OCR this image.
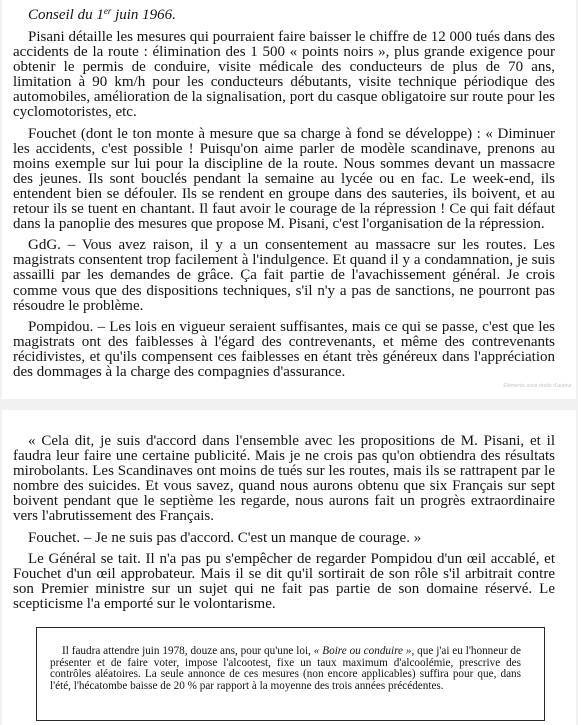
Conseil du 1er juin 1966.

Pisani détaille les mesures qui pourraient faire baisser le chiffre de 12 000 tués dans des accidents de la route : élimination des 1 500 « points noirs », plus grande exigence pour obtenir le permis de conduire, visite médicale des conducteurs de plus de 70 ans, limitation à 90 km/h pour les conducteurs débutants, visite technique périodique des automobiles, amélioration de la signalisation, port du casque obligatoire sur route pour les cyclomotoristes, etc.

Fouchet (dont le ton monte à mesure que sa charge à fond se développe) : « Diminuer les accidents, c'est possible ! Puisqu'on aime parler de modèle scandinave, prenons au moins exemple sur lui pour la discipline de la route. Nous sommes devant un massacre des jeunes. Ils sont bouclés pendant la semaine au lycée ou en fac. Le week-end, ils entendent bien se défouler. Ils se rendent en groupe dans des sauteries, ils boivent, et au retour ils se tuent en chantant. Il faut avoir le courage de la répression ! Ce qui fait défaut dans la panoplie des mesures que propose M. Pisani, c'est l'organisation de la répression.

GdG. – Vous avez raison, il y a un consentement au massacre sur les routes. Les magistrats consentent trop facilement à l'indulgence. Et quand il y a condamnation, je suis assailli par les demandes de grâce. Ça fait partie de l'avachissement général. Je crois comme vous que des dispositions techniques, s'il n'y a pas de sanctions, ne pourront pas résoudre le problème.

Pompidou. – Les lois en vigueur seraient suffisantes, mais ce qui se passe, c'est que les magistrats ont des faiblesses à l'égard des contrevenants, et même des contrevenants récidivistes, et qu'ils compensent ces faiblesses en étant très généreux dans l'appréciation des dommages à la charge des compagnies d'assurance.

Éléments sous droits d'auteur

« Cela dit, je suis d'accord dans l'ensemble avec les propositions de M. Pisani, et il faudra leur faire une certaine publicité. Mais je ne crois pas qu'on obtiendra des résultats mirobolants. Les Scandinaves ont moins de tués sur les routes, mais ils se rattrapent par le nombre des suicides. Et vous savez, quand nous aurons obtenu que six Français sur sept boivent pendant que le septième les regarde, nous aurons fait un progrès extraordinaire vers l'abrutissement des Français.

Fouchet. – Je ne suis pas d'accord. C'est un manque de courage. »

Le Général se tait. Il n'a pas pu s'empêcher de regarder Pompidou d'un œil accablé, et Fouchet d'un œil approbateur. Mais il se dit qu'il sortirait de son rôle s'il arbitrait contre son Premier ministre sur un sujet qui ne fait pas partie de son domaine réservé. Le scepticisme l'a emporté sur le volontarisme.

Il faudra attendre juin 1978, douze ans, pour qu'une loi, « Boire ou conduire », que j'ai eu l'honneur de présenter et de faire voter, impose l'alcootest, fixe un taux maximum d'alcoolémie, prescrive des contrôles aléatoires. La seule annonce de ces mesures (non encore applicables) suffira pour que, dans l'été, l'hécatombe baisse de 20 % par rapport à la moyenne des trois années précédentes.
